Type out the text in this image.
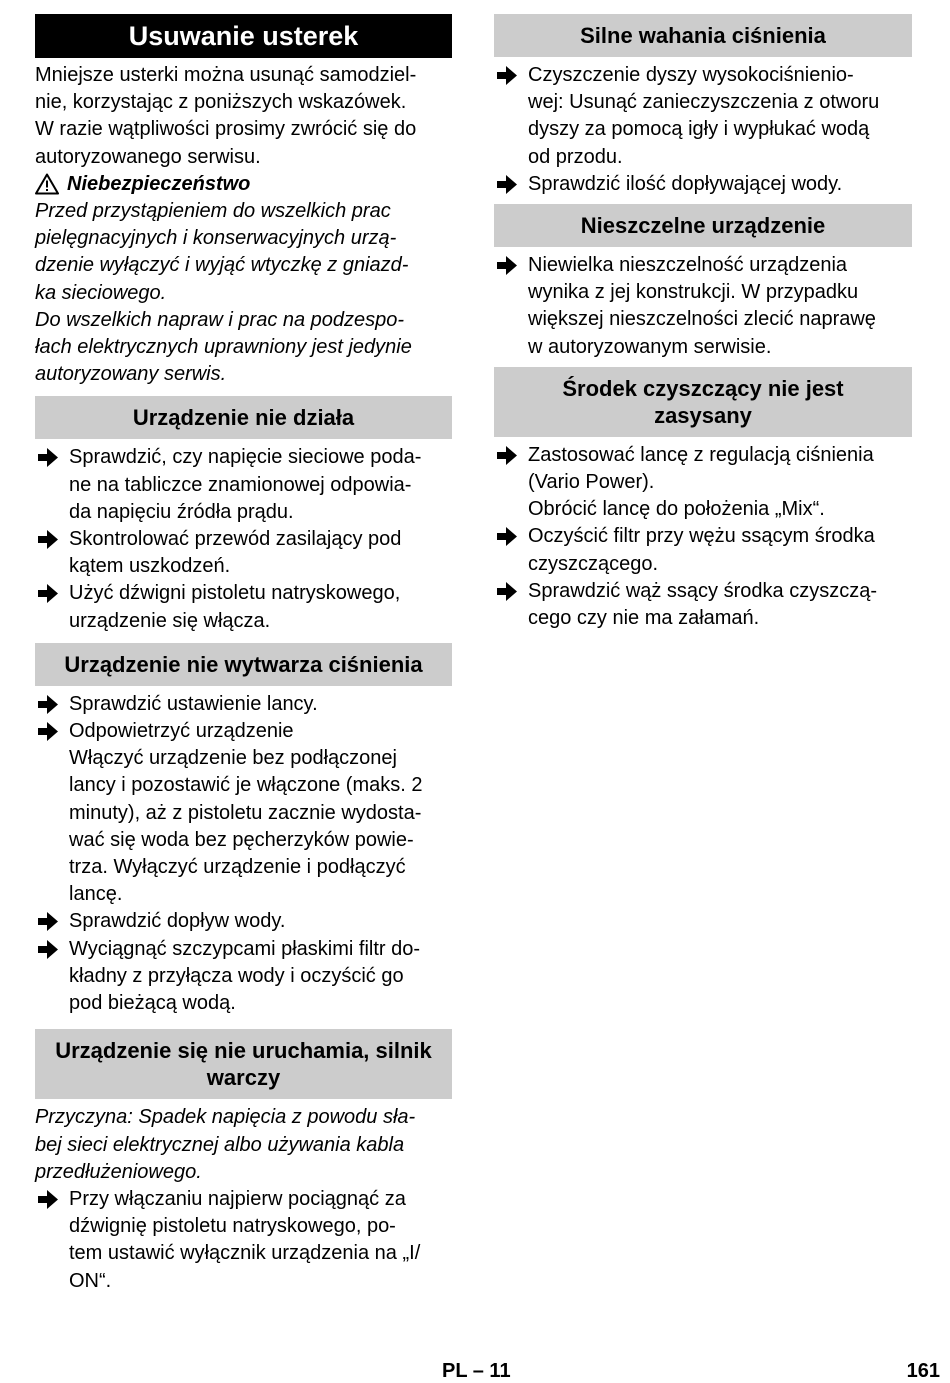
Usuwanie usterek
Mniejsze usterki można usunąć samodziel-
nie, korzystając z poniższych wskazówek.
W razie wątpliwości prosimy zwrócić się do
autoryzowanego serwisu.
Niebezpieczeństwo
Przed przystąpieniem do wszelkich prac
pielęgnacyjnych i konserwacyjnych urzą-
dzenie wyłączyć i wyjąć wtyczkę z gniazd-
ka sieciowego.
Do wszelkich napraw i prac na podzespo-
łach elektrycznych uprawniony jest jedynie
autoryzowany serwis.
Urządzenie nie działa
Sprawdzić, czy napięcie sieciowe poda-
ne na tabliczce znamionowej odpowia-
da napięciu źródła prądu.
Skontrolować przewód zasilający pod
kątem uszkodzeń.
Użyć dźwigni pistoletu natryskowego,
urządzenie się włącza.
Urządzenie nie wytwarza ciśnienia
Sprawdzić ustawienie lancy.
Odpowietrzyć urządzenie
Włączyć urządzenie bez podłączonej
lancy i pozostawić je włączone (maks. 2
minuty), aż z pistoletu zacznie wydosta-
wać się woda bez pęcherzyków powie-
trza. Wyłączyć urządzenie i podłączyć
lancę.
Sprawdzić dopływ wody.
Wyciągnąć szczypcami płaskimi filtr do-
kładny z przyłącza wody i oczyścić go
pod bieżącą wodą.
Urządzenie się nie uruchamia, silnik
warczy
Przyczyna: Spadek napięcia z powodu sła-
bej sieci elektrycznej albo używania kabla
przedłużeniowego.
Przy włączaniu najpierw pociągnąć za
dźwignię pistoletu natryskowego, po-
tem ustawić wyłącznik urządzenia na „I/
ON“.
Silne wahania ciśnienia
Czyszczenie dyszy wysokociśnienio-
wej: Usunąć zanieczyszczenia z otworu
dyszy za pomocą igły i wypłukać wodą
od przodu.
Sprawdzić ilość dopływającej wody.
Nieszczelne urządzenie
Niewielka nieszczelność urządzenia
wynika z jej konstrukcji. W przypadku
większej nieszczelności zlecić naprawę
w autoryzowanym serwisie.
Środek czyszczący nie jest
zasysany
Zastosować lancę z regulacją ciśnienia
(Vario Power).
Obrócić lancę do położenia „Mix“.
Oczyścić filtr przy wężu ssącym środka
czyszczącego.
Sprawdzić wąż ssący środka czyszczą-
cego czy nie ma załamań.
PL – 11	161
